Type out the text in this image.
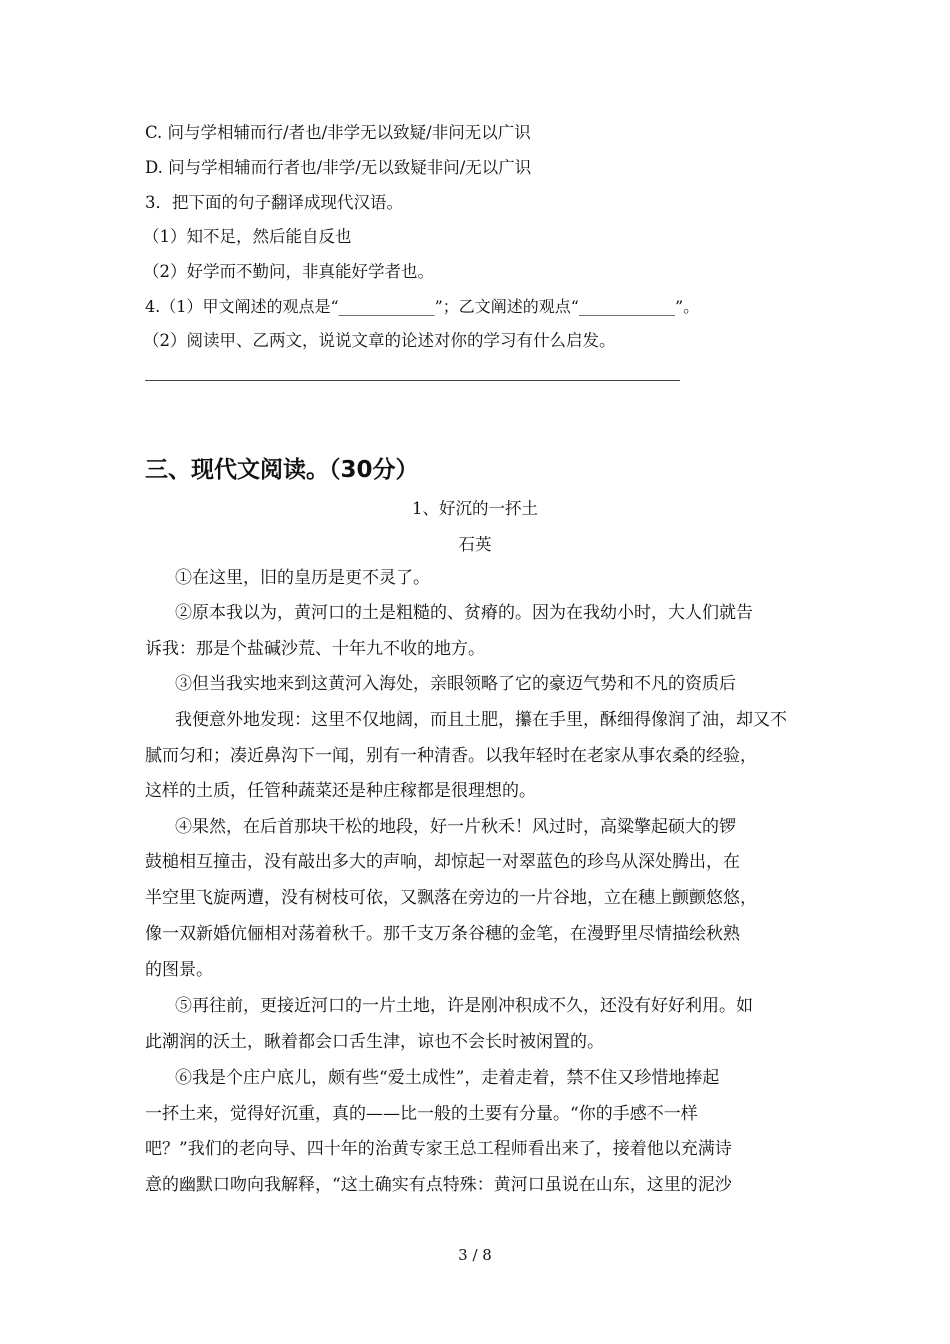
C. 问与学相辅而行/者也/非学无以致疑/非问无以广识
D. 问与学相辅而行者也/非学/无以致疑非问/无以广识
3．把下面的句子翻译成现代汉语。
（1）知不足，然后能自反也
（2）好学而不勤问，非真能好学者也。
4.（1）甲文阐述的观点是“____________”；乙文阐述的观点“____________”。
（2）阅读甲、乙两文，说说文章的论述对你的学习有什么启发。
三、现代文阅读。（30分）
1、好沉的一抔土
石英
①在这里，旧的皇历是更不灵了。
②原本我以为，黄河口的土是粗糙的、贫瘠的。因为在我幼小时，大人们就告
诉我：那是个盐碱沙荒、十年九不收的地方。
③但当我实地来到这黄河入海处，亲眼领略了它的豪迈气势和不凡的资质后
我便意外地发现：这里不仅地阔，而且土肥，攥在手里，酥细得像润了油，却又不
腻而匀和；凑近鼻沟下一闻，别有一种清香。以我年轻时在老家从事农桑的经验，
这样的土质，任管种蔬菜还是种庄稼都是很理想的。
④果然，在后首那块干松的地段，好一片秋禾！风过时，高粱擎起硕大的锣
鼓槌相互撞击，没有敲出多大的声响，却惊起一对翠蓝色的珍鸟从深处腾出，在
半空里飞旋两遭，没有树枝可依，又飘落在旁边的一片谷地，立在穗上颤颤悠悠，
像一双新婚伉俪相对荡着秋千。那千支万条谷穗的金笔，在漫野里尽情描绘秋熟
的图景。
⑤再往前，更接近河口的一片土地，许是刚冲积成不久，还没有好好利用。如
此潮润的沃土，瞅着都会口舌生津，谅也不会长时被闲置的。
⑥我是个庄户底儿，颇有些“爱土成性”，走着走着，禁不住又珍惜地捧起
一抔土来，觉得好沉重，真的——比一般的土要有分量。“你的手感不一样
吧？”我们的老向导、四十年的治黄专家王总工程师看出来了，接着他以充满诗
意的幽默口吻向我解释，“这土确实有点特殊：黄河口虽说在山东，这里的泥沙
3 / 8
